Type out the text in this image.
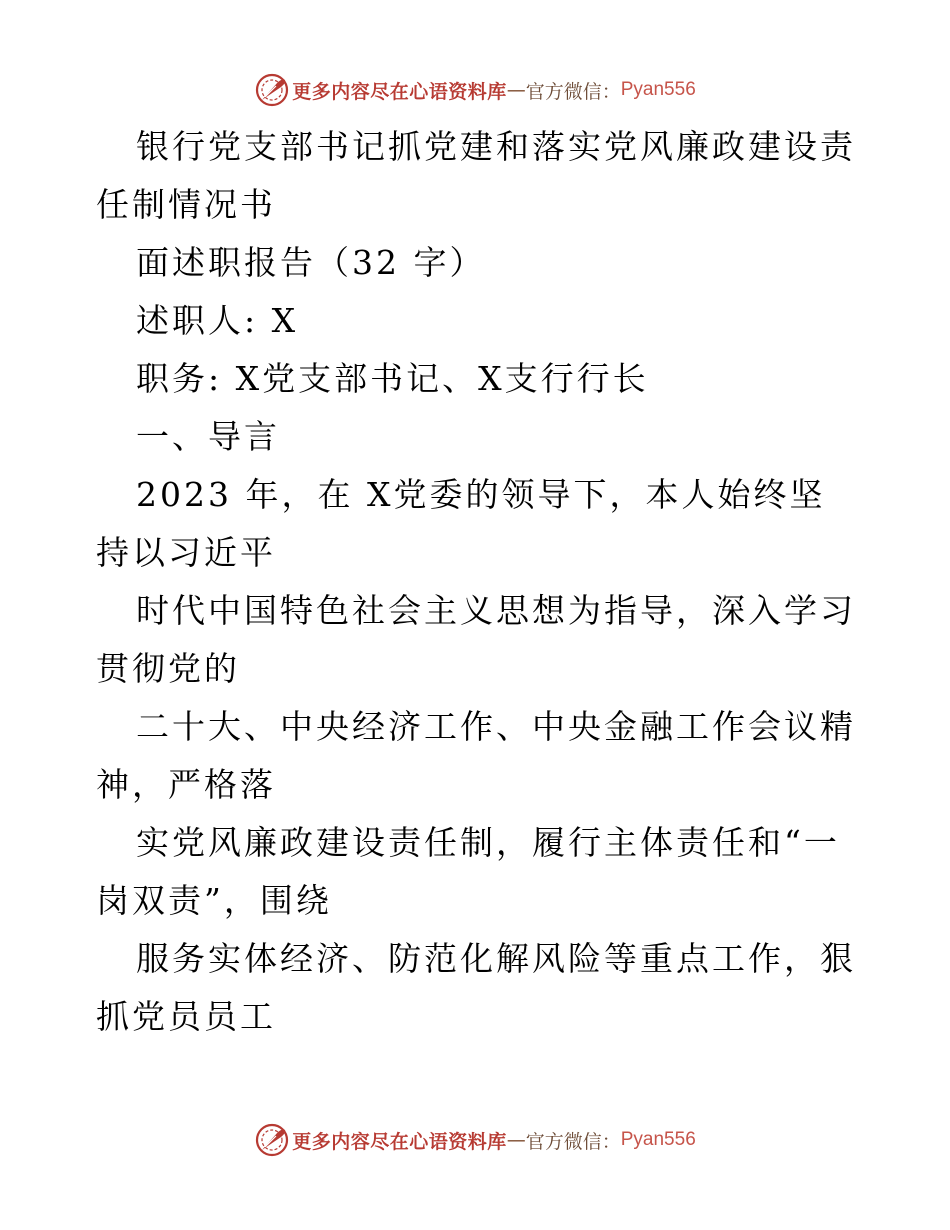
更多内容尽在心语资料库 — 官方微信： Pyan556

银行党支部书记抓党建和落实党风廉政建设责任制情况书

面述职报告（32 字）

述职人: X

职务: X党支部书记、X支行行长

一、导言

2023 年，在 X党委的领导下，本人始终坚持以习近平

时代中国特色社会主义思想为指导，深入学习贯彻党的

二十大、中央经济工作、中央金融工作会议精神，严格落

实党风廉政建设责任制，履行主体责任和“一岗双责”，围绕

服务实体经济、防范化解风险等重点工作，狠抓党员员工

更多内容尽在心语资料库 — 官方微信： Pyan556
